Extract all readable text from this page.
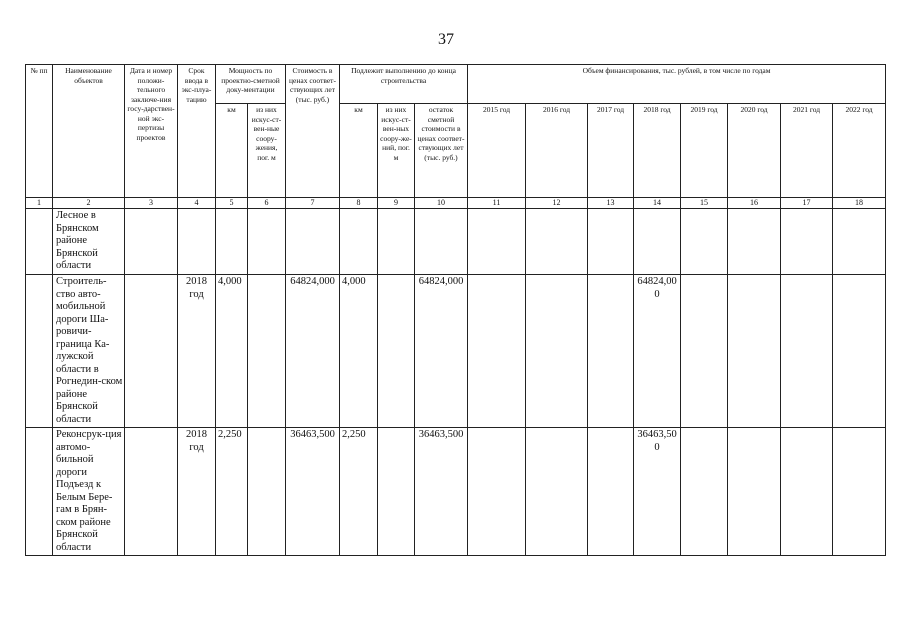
37
№ пп	Наименование объектов	Дата и номер положи-тельного заключе-ния госу-дарствен-ной экс-пертизы проектов	Срок ввода в экс-плуа-тацию	Мощность по проектно-сметной доку-ментации		Стоимость в ценах соответ-ствующих лет (тыс. руб.)	Подлежит выполнению до конца строительства			Объем финансирования, тыс. рублей, в том числе по годам							
				км	из них искус-ст-вен-ные соору-жения, пог. м		км	из них искус-ст-вен-ных соору-же-ний, пог. м	остаток сметной стоимости в ценах соответ-ствующих лет (тыс. руб.)	2015 год	2016 год	2017 год	2018 год	2019 год	2020 год	2021 год	2022 год
1	2	3	4	5	6	7	8	9	10	11	12	13	14	15	16	17	18
	Лесное в Брянском районе Брянской области																
	Строитель-ство авто-мобильной дороги Ша-ровичи-граница Ка-лужской области в Рогнедин-ском районе Брянской области		2018 год	4,000		64824,000	4,000		64824,000				64824,000				
	Реконсрук-ция автомо-бильной дороги Подъезд к Белым Бере-гам в Брян-ском районе Брянской области		2018 год	2,250		36463,500	2,250		36463,500				36463,500				
